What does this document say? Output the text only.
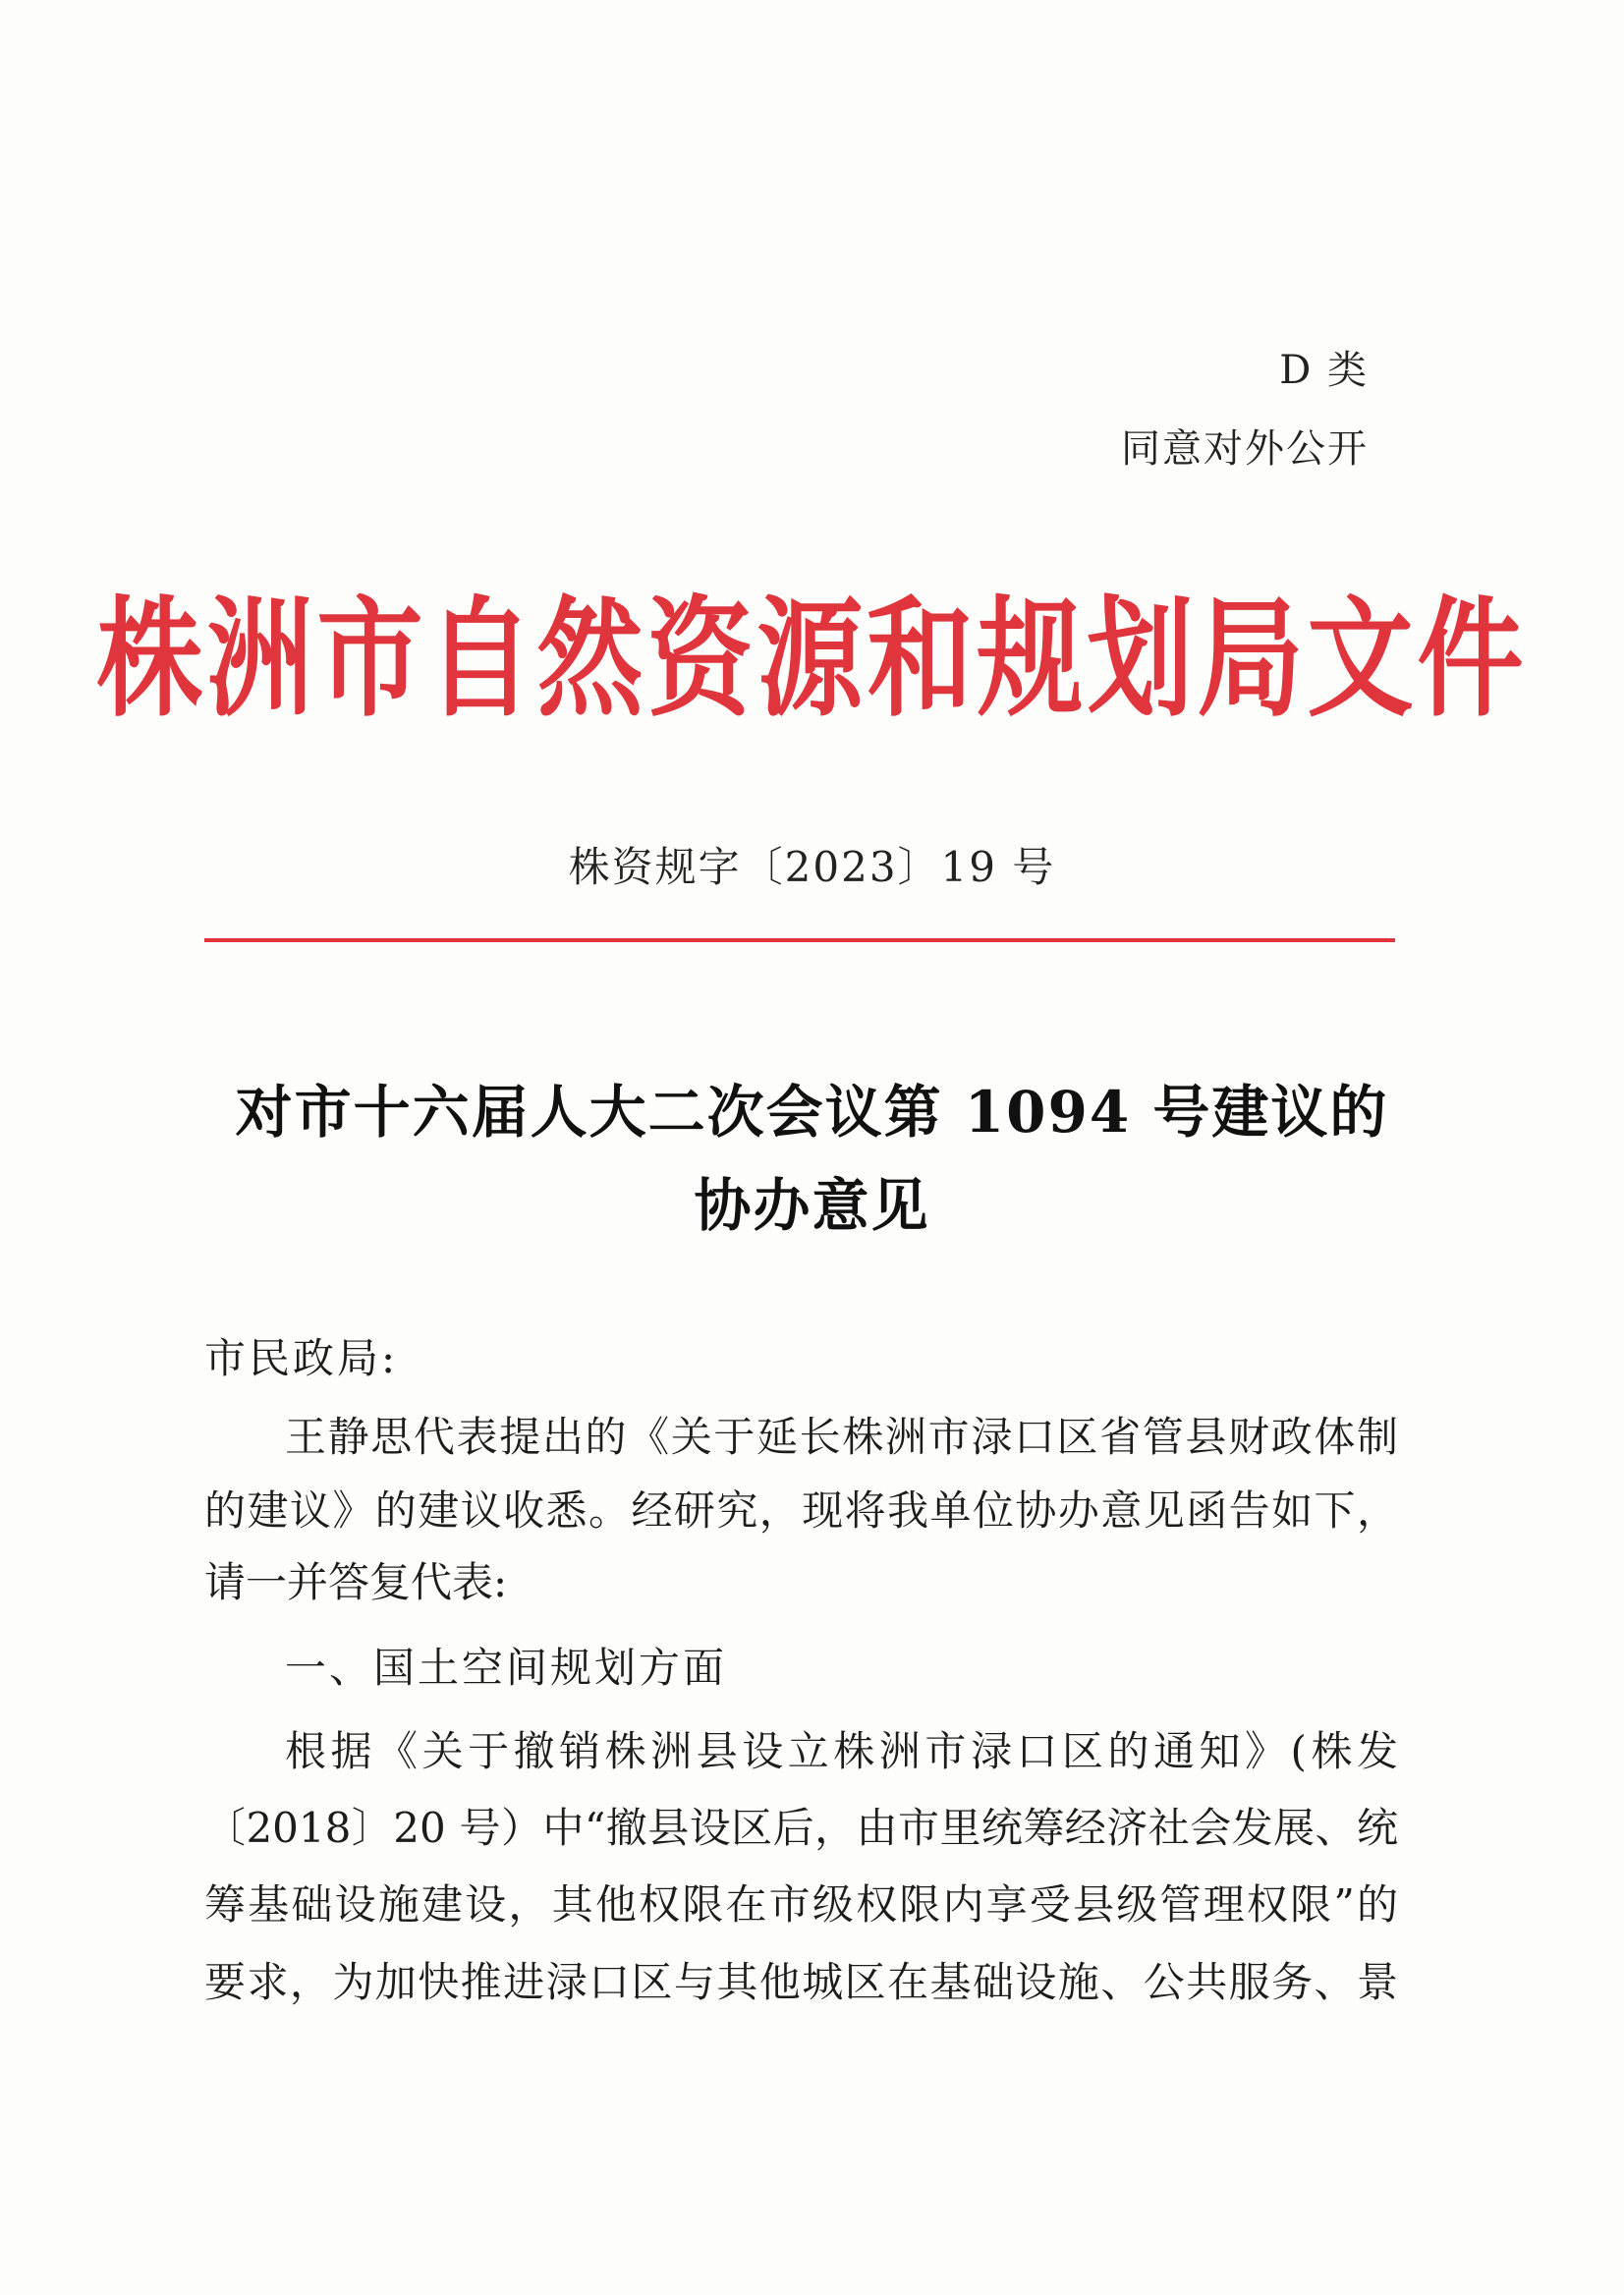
D 类
同意对外公开
株洲市自然资源和规划局文件
株资规字〔2023〕19 号
对市十六届人大二次会议第 1094 号建议的
协办意见
市民政局:
王静思代表提出的《关于延长株洲市渌口区省管县财政体制
的建议》的建议收悉。经研究，现将我单位协办意见函告如下，
请一并答复代表:
一、国土空间规划方面
根据《关于撤销株洲县设立株洲市渌口区的通知》(株发
〔2018〕20 号）中“撤县设区后，由市里统筹经济社会发展、统
筹基础设施建设，其他权限在市级权限内享受县级管理权限”的
要求，为加快推进渌口区与其他城区在基础设施、公共服务、景
